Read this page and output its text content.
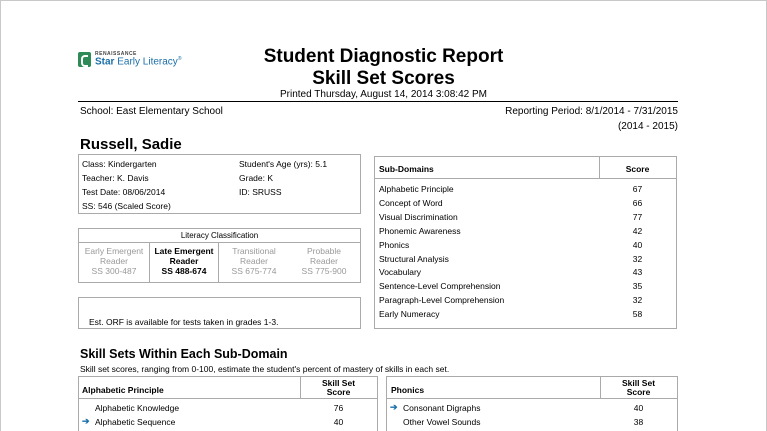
RENAISSANCE
Star Early Literacy®	Student Diagnostic Report
Skill Set Scores
Printed Thursday, August 14, 2014 3:08:42 PM
School: East Elementary School	Reporting Period: 8/1/2014 - 7/31/2015
(2014 - 2015)
Russell, Sadie
Class: Kindergarten	Student's Age (yrs): 5.1
Teacher: K. Davis	Grade: K
Test Date: 08/06/2014	ID: SRUSS
SS: 546 (Scaled Score)
Literacy Classification
Early Emergent
Reader
SS 300-487
Late Emergent
Reader
SS 488-674
Transitional
Reader
SS 675-774
Probable
Reader
SS 775-900
Est. ORF is available for tests taken in grades 1-3.
Sub-Domains	Score
Alphabetic Principle	67
Concept of Word	66
Visual Discrimination	77
Phonemic Awareness	42
Phonics	40
Structural Analysis	32
Vocabulary	43
Sentence-Level Comprehension	35
Paragraph-Level Comprehension	32
Early Numeracy	58
Skill Sets Within Each Sub-Domain
Skill set scores, ranging from 0-100, estimate the student's percent of mastery of skills in each set.
Alphabetic Principle
Skill Set
Score
Alphabetic Knowledge	76
➔ Alphabetic Sequence	40
Phonics
Skill Set
Score
➔ Consonant Digraphs	40
Other Vowel Sounds	38
